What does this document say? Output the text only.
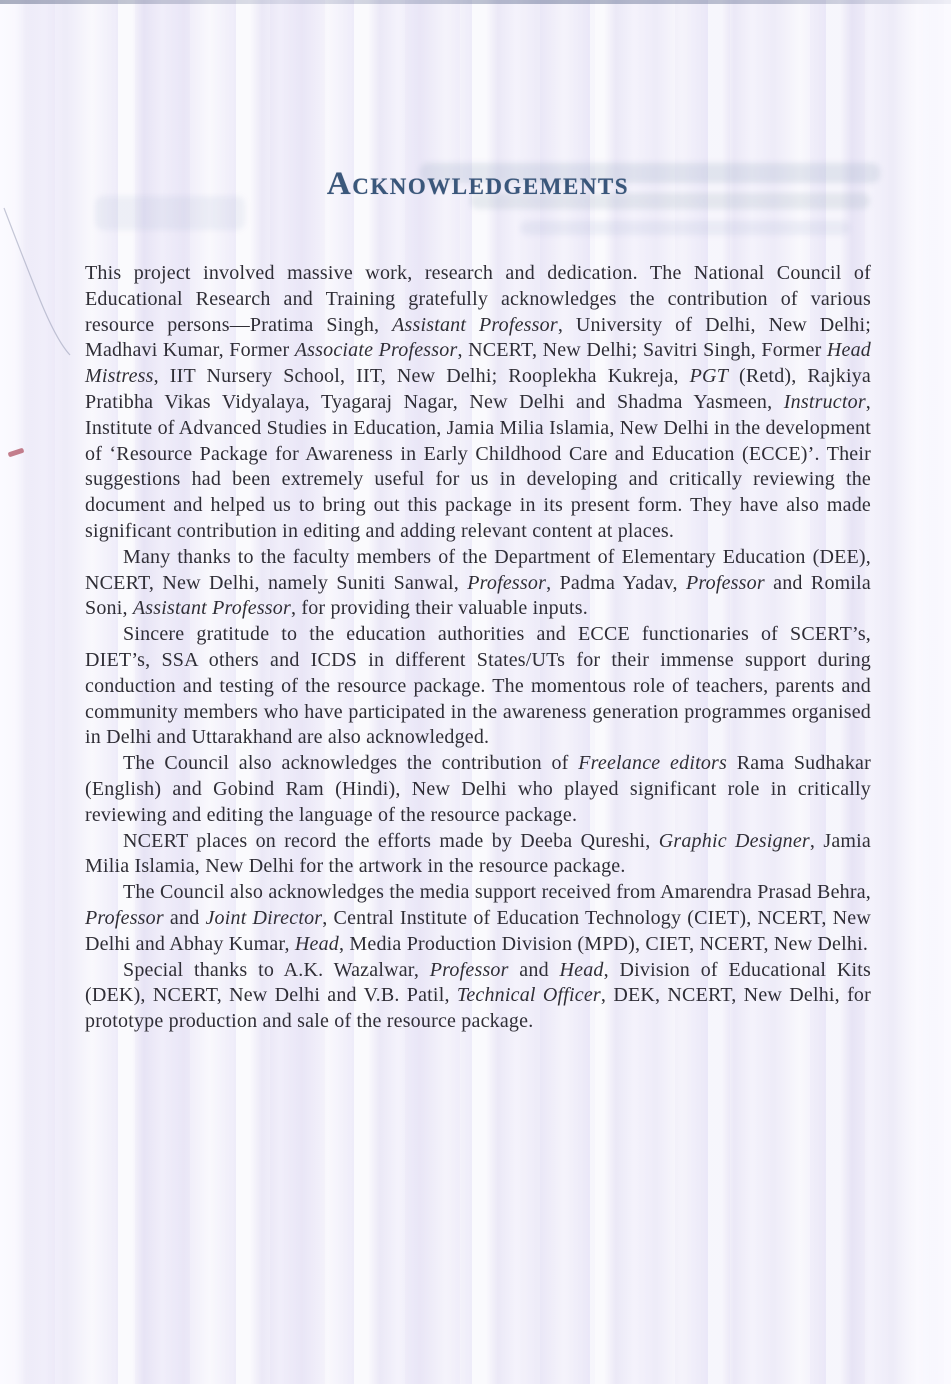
Acknowledgements

This project involved massive work, research and dedication. The National Council of Educational Research and Training gratefully acknowledges the contribution of various resource persons—Pratima Singh, Assistant Professor, University of Delhi, New Delhi; Madhavi Kumar, Former Associate Professor, NCERT, New Delhi; Savitri Singh, Former Head Mistress, IIT Nursery School, IIT, New Delhi; Rooplekha Kukreja, PGT (Retd), Rajkiya Pratibha Vikas Vidyalaya, Tyagaraj Nagar, New Delhi and Shadma Yasmeen, Instructor, Institute of Advanced Studies in Education, Jamia Milia Islamia, New Delhi in the development of ‘Resource Package for Awareness in Early Childhood Care and Education (ECCE)’. Their suggestions had been extremely useful for us in developing and critically reviewing the document and helped us to bring out this package in its present form. They have also made significant contribution in editing and adding relevant content at places.

Many thanks to the faculty members of the Department of Elementary Education (DEE), NCERT, New Delhi, namely Suniti Sanwal, Professor, Padma Yadav, Professor and Romila Soni, Assistant Professor, for providing their valuable inputs.

Sincere gratitude to the education authorities and ECCE functionaries of SCERT’s, DIET’s, SSA others and ICDS in different States/UTs for their immense support during conduction and testing of the resource package. The momentous role of teachers, parents and community members who have participated in the awareness generation programmes organised in Delhi and Uttarakhand are also acknowledged.

The Council also acknowledges the contribution of Freelance editors Rama Sudhakar (English) and Gobind Ram (Hindi), New Delhi who played significant role in critically reviewing and editing the language of the resource package.

NCERT places on record the efforts made by Deeba Qureshi, Graphic Designer, Jamia Milia Islamia, New Delhi for the artwork in the resource package.

The Council also acknowledges the media support received from Amarendra Prasad Behra, Professor and Joint Director, Central Institute of Education Technology (CIET), NCERT, New Delhi and Abhay Kumar, Head, Media Production Division (MPD), CIET, NCERT, New Delhi.

Special thanks to A.K. Wazalwar, Professor and Head, Division of Educational Kits (DEK), NCERT, New Delhi and V.B. Patil, Technical Officer, DEK, NCERT, New Delhi, for prototype production and sale of the resource package.
